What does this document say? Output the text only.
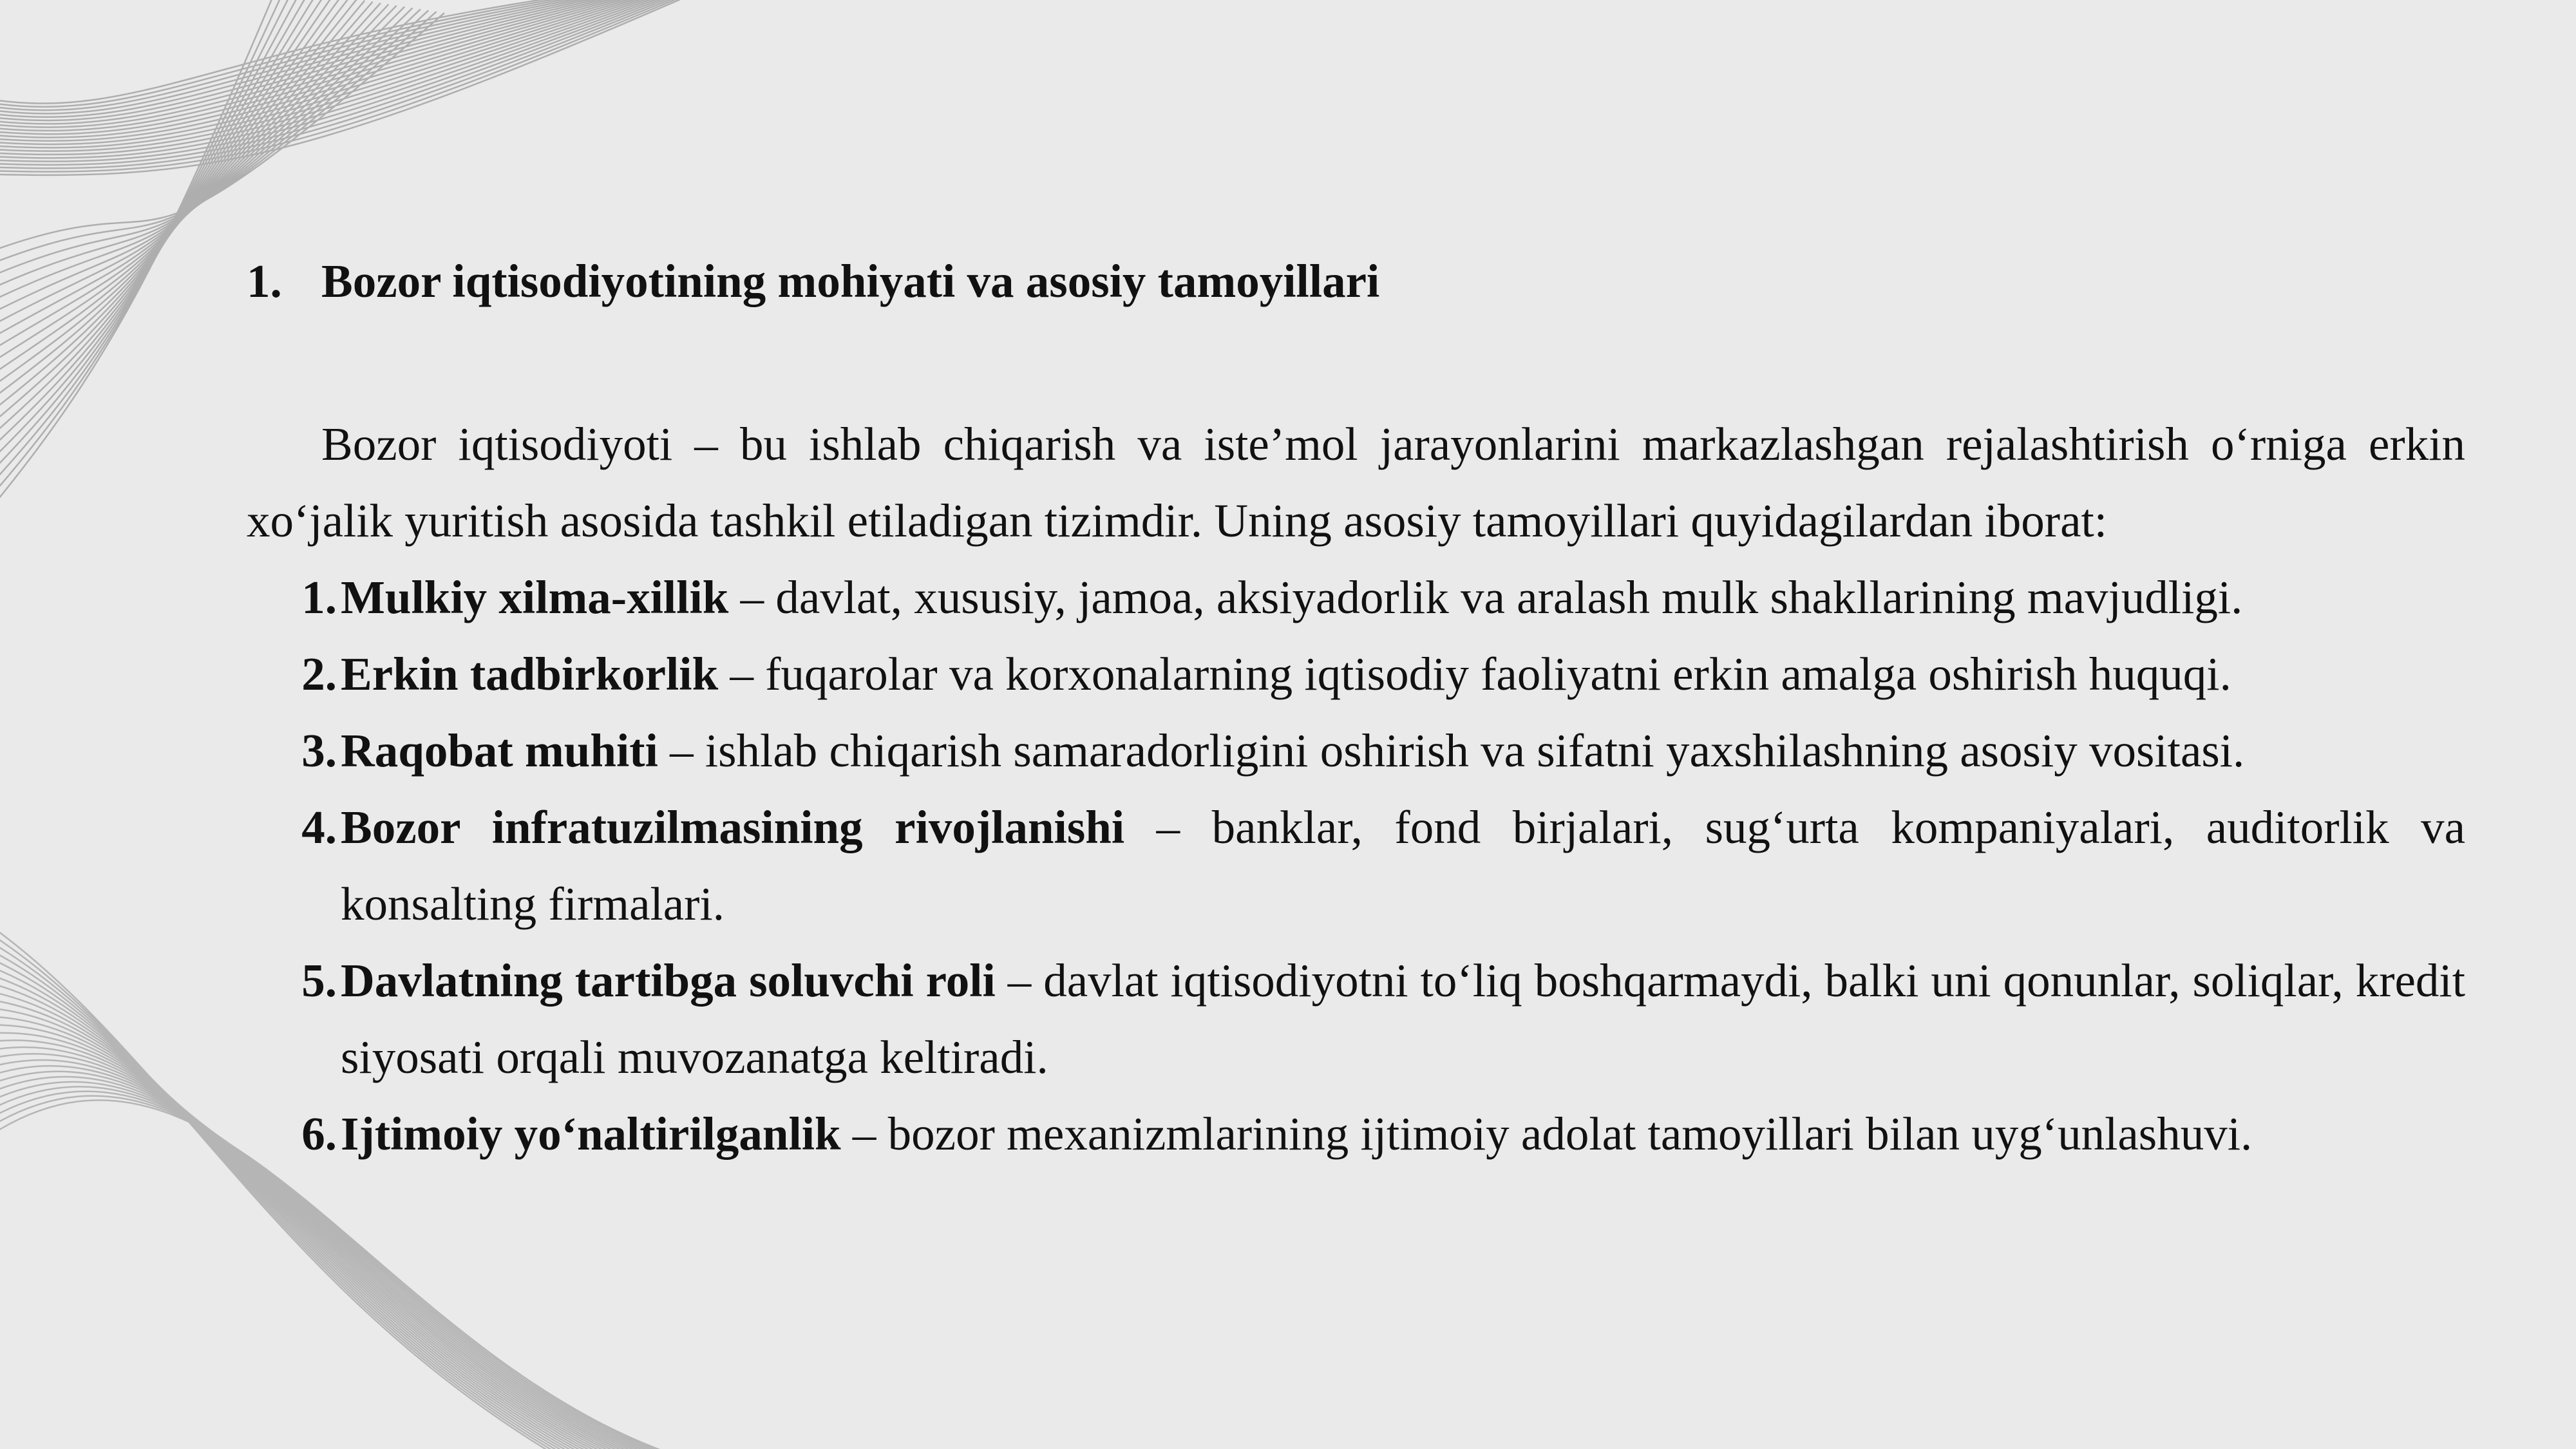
1. Bozor iqtisodiyotining mohiyati va asosiy tamoyillari

Bozor iqtisodiyoti – bu ishlab chiqarish va iste’mol jarayonlarini markazlashgan rejalashtirish o‘rniga erkin xo‘jalik yuritish asosida tashkil etiladigan tizimdir. Uning asosiy tamoyillari quyidagilardan iborat:

1. Mulkiy xilma-xillik – davlat, xususiy, jamoa, aksiyadorlik va aralash mulk shakllarining mavjudligi.
2. Erkin tadbirkorlik – fuqarolar va korxonalarning iqtisodiy faoliyatni erkin amalga oshirish huquqi.
3. Raqobat muhiti – ishlab chiqarish samaradorligini oshirish va sifatni yaxshilashning asosiy vositasi.
4. Bozor infratuzilmasining rivojlanishi – banklar, fond birjalari, sug‘urta kompaniyalari, auditorlik va konsalting firmalari.
5. Davlatning tartibga soluvchi roli – davlat iqtisodiyotni to‘liq boshqarmaydi, balki uni qonunlar, soliqlar, kredit siyosati orqali muvozanatga keltiradi.
6. Ijtimoiy yo‘naltirilganlik – bozor mexanizmlarining ijtimoiy adolat tamoyillari bilan uyg‘unlashuvi.
